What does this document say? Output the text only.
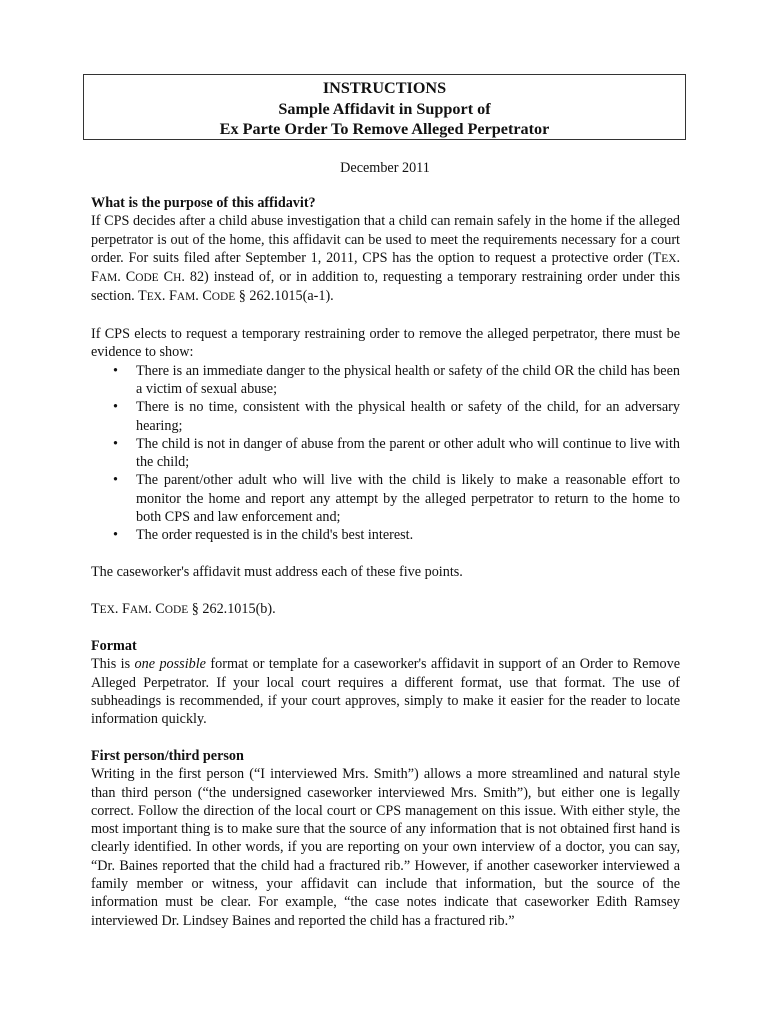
INSTRUCTIONS
Sample Affidavit in Support of
Ex Parte Order To Remove Alleged Perpetrator
December 2011
What is the purpose of this affidavit?

If CPS decides after a child abuse investigation that a child can remain safely in the home if the alleged perpetrator is out of the home, this affidavit can be used to meet the requirements necessary for a court order. For suits filed after September 1, 2011, CPS has the option to request a protective order (TEX. FAM. CODE CH. 82) instead of, or in addition to, requesting a temporary restraining order under this section. TEX. FAM. CODE § 262.1015(a-1).

If CPS elects to request a temporary restraining order to remove the alleged perpetrator, there must be evidence to show:

• There is an immediate danger to the physical health or safety of the child OR the child has been a victim of sexual abuse;
• There is no time, consistent with the physical health or safety of the child, for an adversary hearing;
• The child is not in danger of abuse from the parent or other adult who will continue to live with the child;
• The parent/other adult who will live with the child is likely to make a reasonable effort to monitor the home and report any attempt by the alleged perpetrator to return to the home to both CPS and law enforcement and;
• The order requested is in the child's best interest.

The caseworker's affidavit must address each of these five points.

TEX. FAM. CODE § 262.1015(b).

Format

This is one possible format or template for a caseworker's affidavit in support of an Order to Remove Alleged Perpetrator. If your local court requires a different format, use that format. The use of subheadings is recommended, if your court approves, simply to make it easier for the reader to locate information quickly.

First person/third person

Writing in the first person (“I interviewed Mrs. Smith”) allows a more streamlined and natural style than third person (“the undersigned caseworker interviewed Mrs. Smith”), but either one is legally correct. Follow the direction of the local court or CPS management on this issue. With either style, the most important thing is to make sure that the source of any information that is not obtained first hand is clearly identified. In other words, if you are reporting on your own interview of a doctor, you can say, “Dr. Baines reported that the child had a fractured rib.” However, if another caseworker interviewed a family member or witness, your affidavit can include that information, but the source of the information must be clear. For example, “the case notes indicate that caseworker Edith Ramsey interviewed Dr. Lindsey Baines and reported the child has a fractured rib.”
